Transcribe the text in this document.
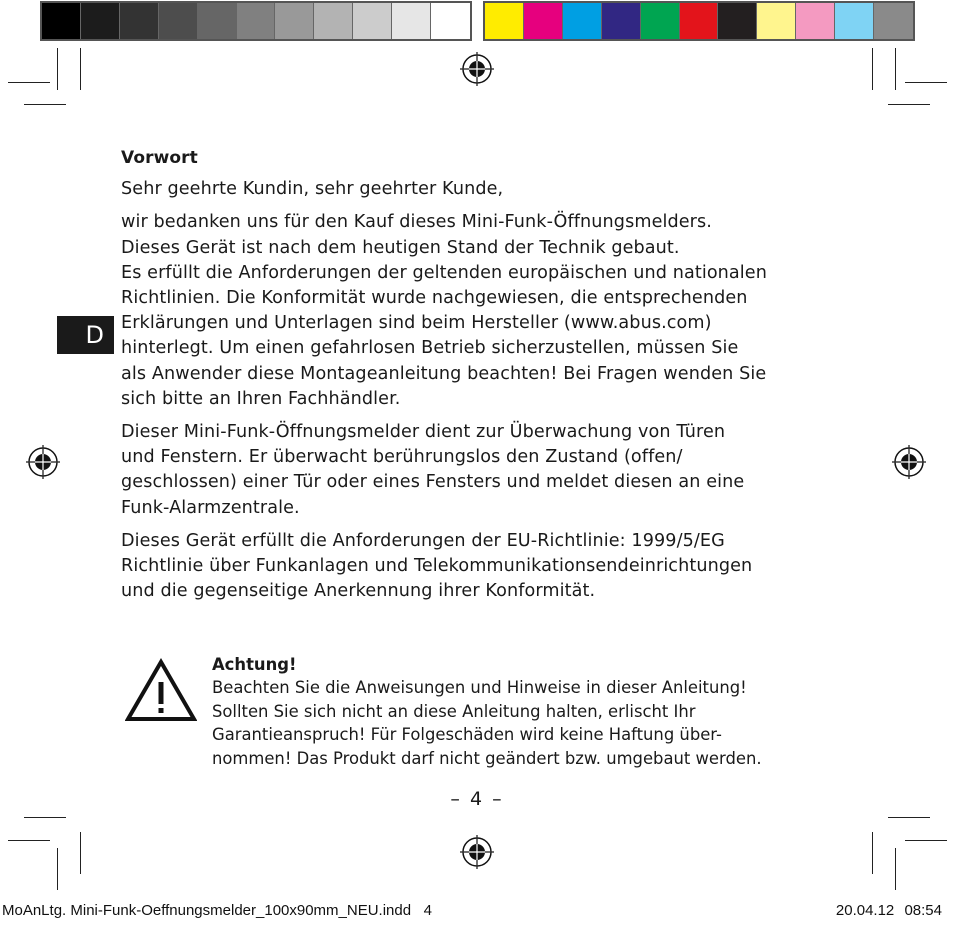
D

Vorwort

Sehr geehrte Kundin, sehr geehrter Kunde,

wir bedanken uns für den Kauf dieses Mini-Funk-Öffnungsmelders.

Dieses Gerät ist nach dem heutigen Stand der Technik gebaut.

Es erfüllt die Anforderungen der geltenden europäischen und nationalen

Richtlinien. Die Konformität wurde nachgewiesen, die entsprechenden

Erklärungen und Unterlagen sind beim Hersteller (www.abus.com)

hinterlegt. Um einen gefahrlosen Betrieb sicherzustellen, müssen Sie

als Anwender diese Montageanleitung beachten! Bei Fragen wenden Sie

sich bitte an Ihren Fachhändler.

Dieser Mini-Funk-Öffnungsmelder dient zur Überwachung von Türen

und Fenstern. Er überwacht berührungslos den Zustand (offen/

geschlossen) einer Tür oder eines Fensters und meldet diesen an eine

Funk-Alarmzentrale.

Dieses Gerät erfüllt die Anforderungen der EU-Richtlinie: 1999/5/EG

Richtlinie über Funkanlagen und Telekommunikationsendeinrichtungen

und die gegenseitige Anerkennung ihrer Konformität.

Achtung!

Beachten Sie die Anweisungen und Hinweise in dieser Anleitung!

Sollten Sie sich nicht an diese Anleitung halten, erlischt Ihr

Garantieanspruch! Für Folgeschäden wird keine Haftung über-

nommen! Das Produkt darf nicht geändert bzw. umgebaut werden.

– 4 –
MoAnLtg. Mini-Funk-Oeffnungsmelder_100x90mm_NEU.indd   4	20.04.12 08:54
